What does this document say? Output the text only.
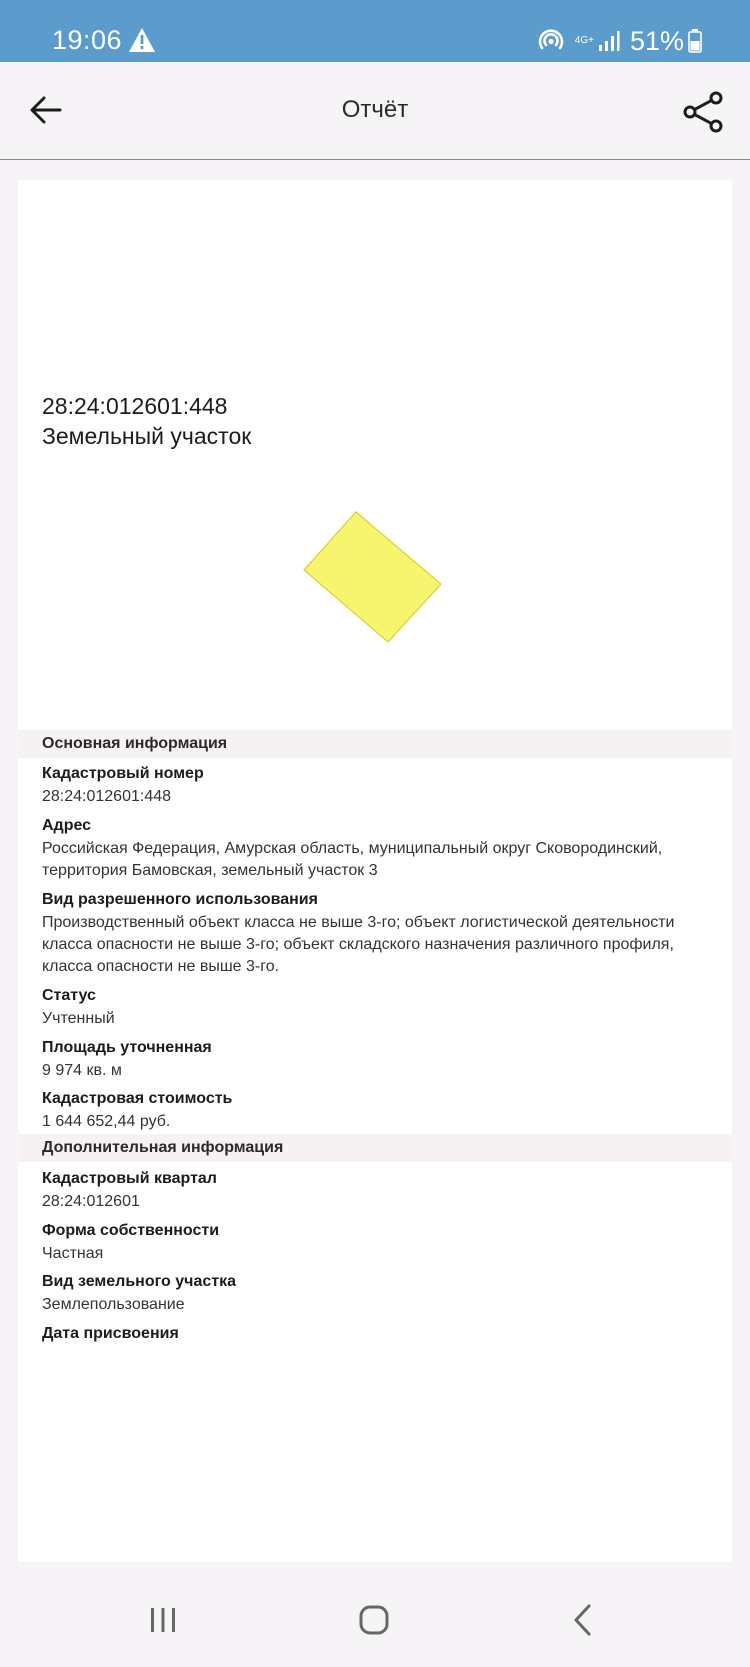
19:06	4G+ 51%
Отчёт
28:24:012601:448
Земельный участок
Основная информация
Кадастровый номер
28:24:012601:448
Адрес
Российская Федерация, Амурская область, муниципальный округ Сковородинский, территория Бамовская, земельный участок 3
Вид разрешенного использования
Производственный объект класса не выше 3-го; объект логистической деятельности класса опасности не выше 3-го; объект складского назначения различного профиля, класса опасности не выше 3-го.
Статус
Учтенный
Площадь уточненная
9 974 кв. м
Кадастровая стоимость
1 644 652,44 руб.
Дополнительная информация
Кадастровый квартал
28:24:012601
Форма собственности
Частная
Вид земельного участка
Землепользование
Дата присвоения
